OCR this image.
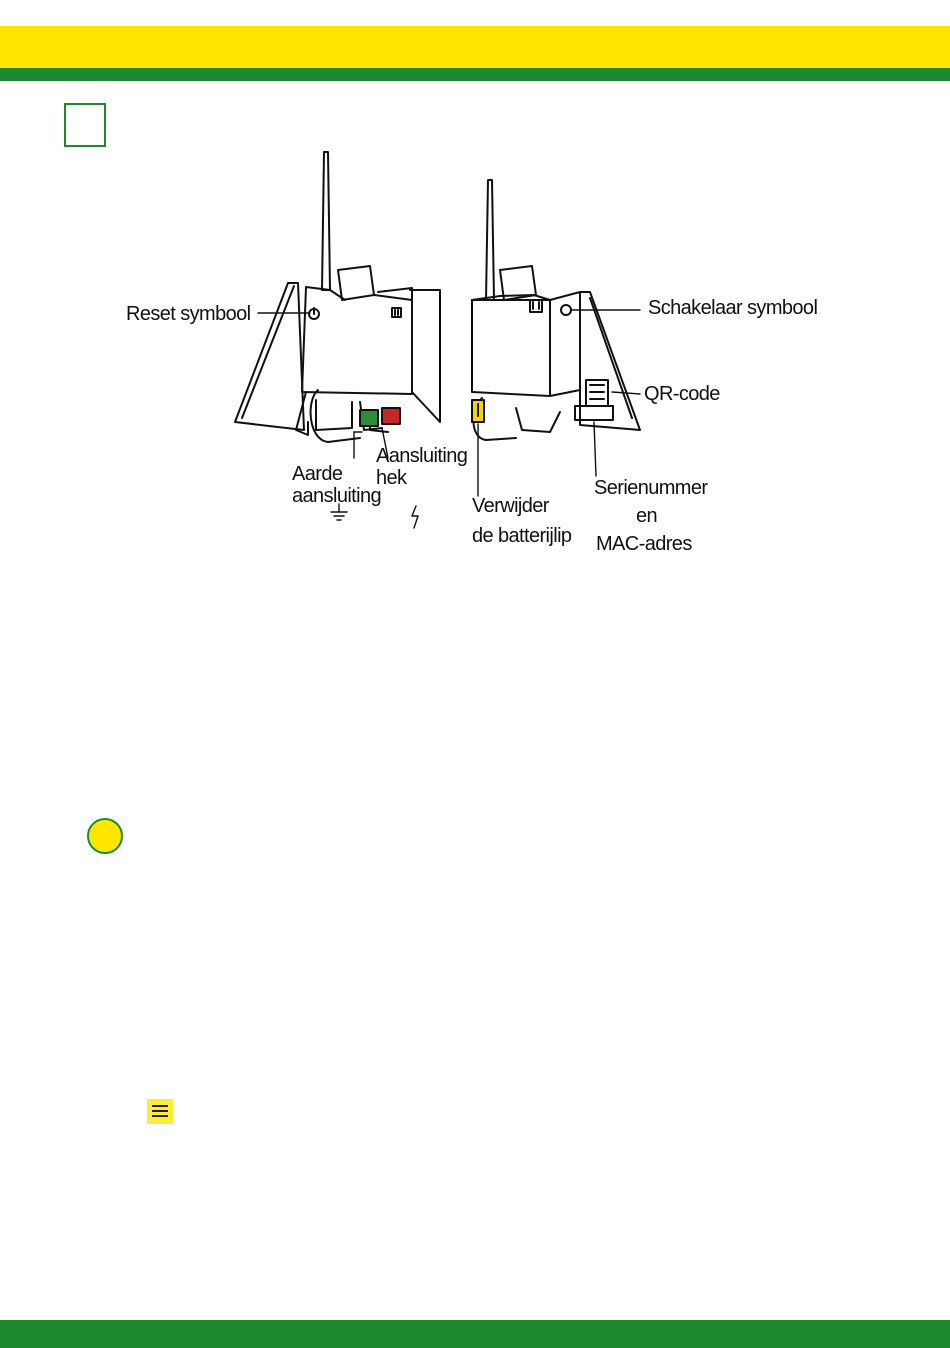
Reset symbool
Aarde
aansluiting
Aansluiting
hek
Schakelaar symbool
QR-code
Verwijder
de batterijlip
Serienummer
en
MAC-adres
